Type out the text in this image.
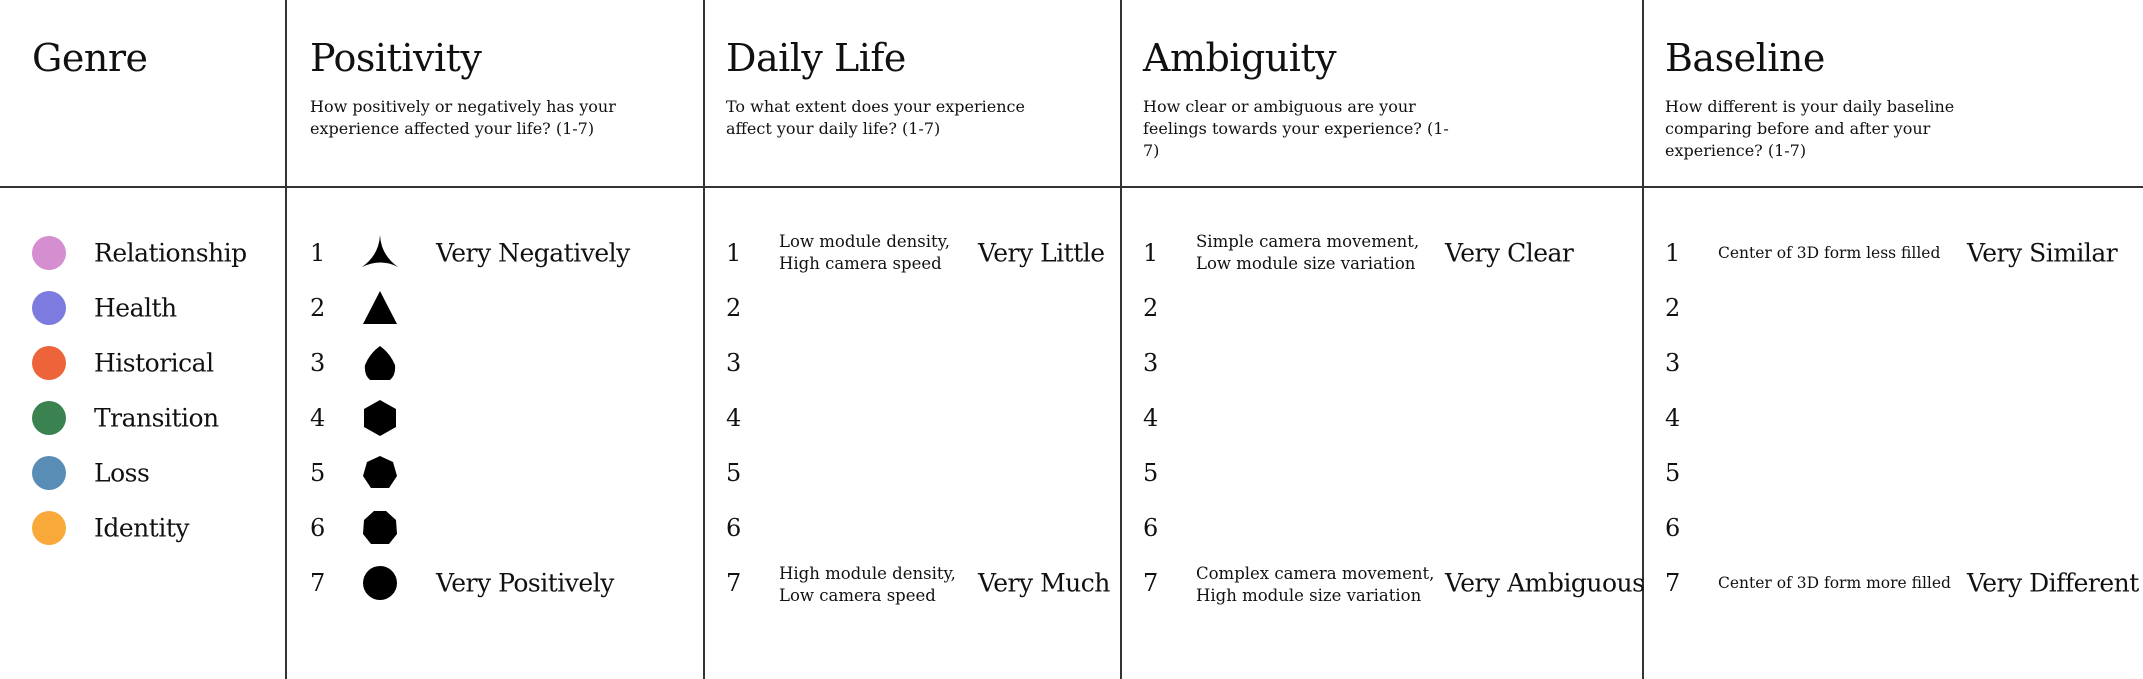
Genre
Relationship
Health
Historical
Transition
Loss
Identity
Positivity
How positively or negatively has your experience affected your life? (1-7)
1
2
3
4
5
6
7
Very Negatively
Very Positively
Daily Life
To what extent does your experience affect your daily life? (1-7)
1
2
3
4
5
6
7
Low module density,
High camera speed
High module density,
Low camera speed
Very Little
Very Much
Ambiguity
How clear or ambiguous are your feelings towards your experience? (1-7)
1
2
3
4
5
6
7
Simple camera movement,
Low module size variation
Complex camera movement,
High module size variation
Very Clear
Very Ambiguous
Baseline
How different is your daily baseline comparing before and after your experience? (1-7)
1
2
3
4
5
6
7
Center of 3D form less filled
Center of 3D form more filled
Very Similar
Very Different
